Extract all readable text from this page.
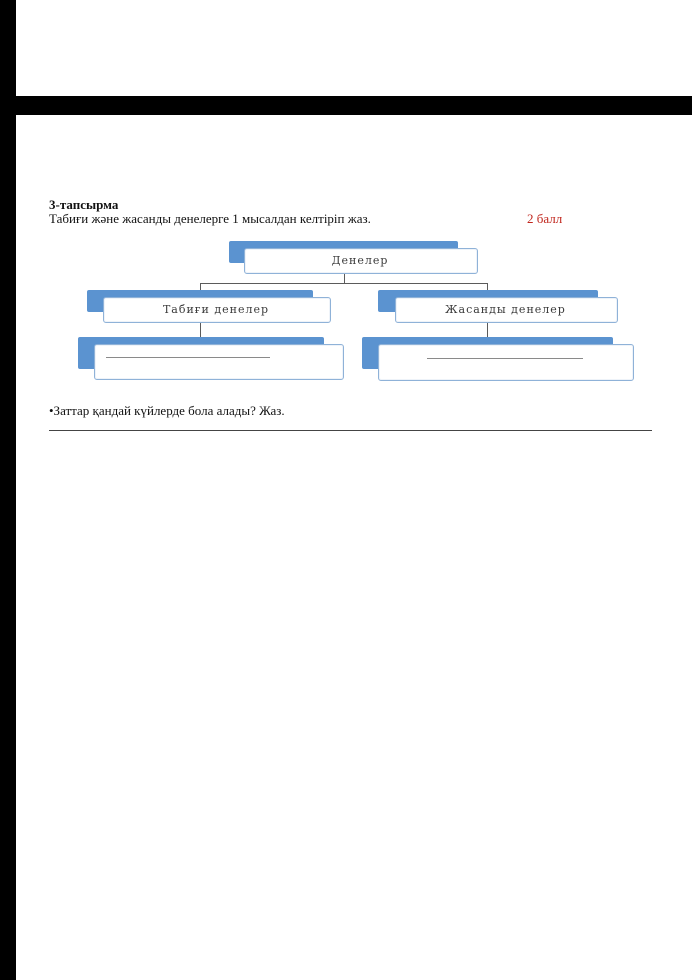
3-тапсырма
Табиғи және жасанды денелерге 1 мысалдан келтіріп жаз.	2 балл
Денелер
Табиғи денелер	Жасанды денелер
•Заттар қандай күйлерде бола алады? Жаз.
